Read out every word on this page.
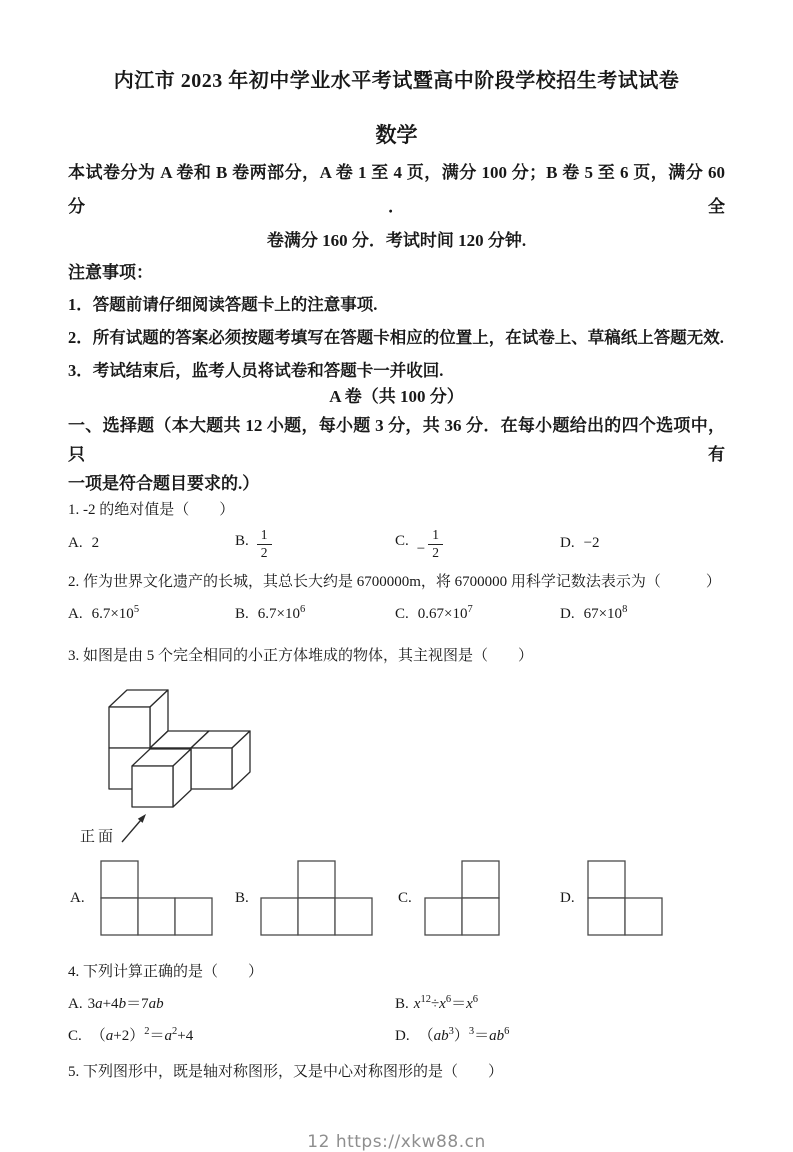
内江市 2023 年初中学业水平考试暨高中阶段学校招生考试试卷
数学
本试卷分为 A 卷和 B 卷两部分，A 卷 1 至 4 页，满分 100 分；B 卷 5 至 6 页，满分 60 分．全
卷满分 160 分．考试时间 120 分钟.
注意事项：
1．答题前请仔细阅读答题卡上的注意事项.
2．所有试题的答案必须按题考填写在答题卡相应的位置上，在试卷上、草稿纸上答题无效.
3．考试结束后，监考人员将试卷和答题卡一并收回.
A 卷（共 100 分）
一、选择题（本大题共 12 小题，每小题 3 分，共 36 分．在每小题给出的四个选项中，只有
一项是符合题目要求的.）
1. -2 的绝对值是（　　）
A. 2	B. $\frac{1}{2}$	C. − $\frac{1}{2}$	D. −2
2. 作为世界文化遗产的长城，其总长大约是 6700000m，将 6700000 用科学记数法表示为（　　　）
A. $6.7\times 10^5$	B. $6.7\times 10^6$	C. $0.67\times 10^7$	D. $67\times 10^8$
3. 如图是由 5 个完全相同的小正方体堆成的物体，其主视图是（　　）
正面
A.	B.	C.	D.
4. 下列计算正确的是（　　）
A. 3a+4b＝7ab	B. $x^{12}\div x^6=x^6$
C. $(a+2)^2=a^2+4$	D. $(ab^3)^3=ab^6$
5. 下列图形中，既是轴对称图形，又是中心对称图形的是（　　）
12 https://xkw88.cn
